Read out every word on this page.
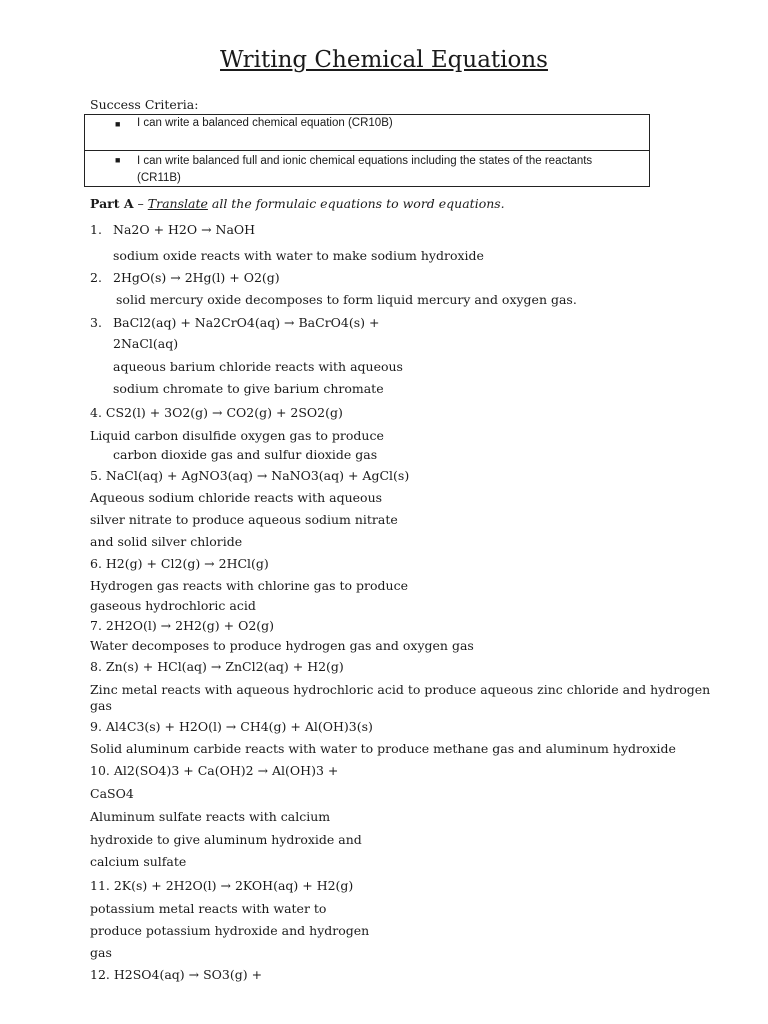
Writing Chemical Equations
Success Criteria:
■ I can write a balanced chemical equation (CR10B)
■ I can write balanced full and ionic chemical equations including the states of the reactants
(CR11B)
Part A – Translate all the formulaic equations to word equations.
1. Na2O + H2O → NaOH
sodium oxide reacts with water to make sodium hydroxide
2. 2HgO(s) → 2Hg(l) + O2(g)
solid mercury oxide decomposes to form liquid mercury and oxygen gas.
3. BaCl2(aq) + Na2CrO4(aq) → BaCrO4(s) +
2NaCl(aq)
aqueous barium chloride reacts with aqueous
sodium chromate to give barium chromate
4. CS2(l) + 3O2(g) → CO2(g) + 2SO2(g)
Liquid carbon disulfide oxygen gas to produce
carbon dioxide gas and sulfur dioxide gas
5. NaCl(aq) + AgNO3(aq) → NaNO3(aq) + AgCl(s)
Aqueous sodium chloride reacts with aqueous
silver nitrate to produce aqueous sodium nitrate
and solid silver chloride
6. H2(g) + Cl2(g) → 2HCl(g)
Hydrogen gas reacts with chlorine gas to produce
gaseous hydrochloric acid
7. 2H2O(l) → 2H2(g) + O2(g)
Water decomposes to produce hydrogen gas and oxygen gas
8. Zn(s) + HCl(aq) → ZnCl2(aq) + H2(g)
Zinc metal reacts with aqueous hydrochloric acid to produce aqueous zinc chloride and hydrogen
gas
9. Al4C3(s) + H2O(l) → CH4(g) + Al(OH)3(s)
Solid aluminum carbide reacts with water to produce methane gas and aluminum hydroxide
10. Al2(SO4)3 + Ca(OH)2 → Al(OH)3 +
CaSO4
Aluminum sulfate reacts with calcium
hydroxide to give aluminum hydroxide and
calcium sulfate
11. 2K(s) + 2H2O(l) → 2KOH(aq) + H2(g)
potassium metal reacts with water to
produce potassium hydroxide and hydrogen
gas
12. H2SO4(aq) → SO3(g) +
